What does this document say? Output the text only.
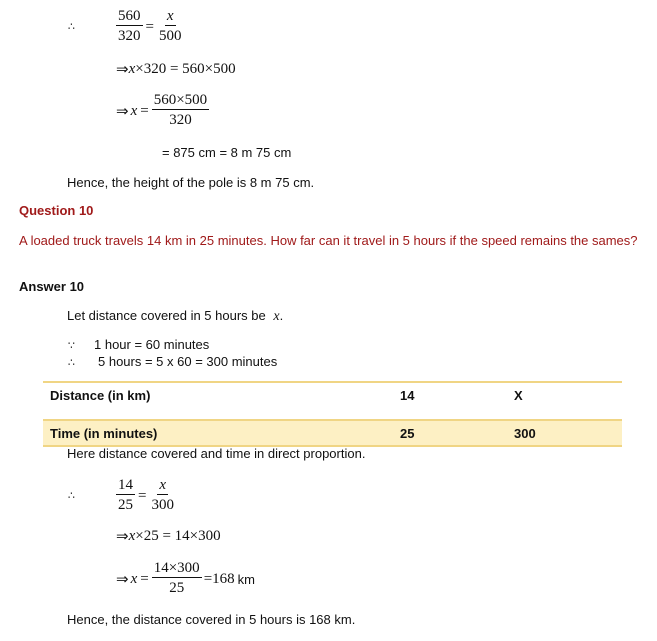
∴	$\frac{560}{320} = \frac{x}{500}$
⇒ x ×320 = 560×500
⇒ $x = \frac{560\times 500}{320}$
= 875 cm = 8 m 75 cm
Hence, the height of the pole is 8 m 75 cm.
Question 10
A loaded truck travels 14 km in 25 minutes. How far can it travel in 5 hours if the speed remains the sames?
Answer 10
Let distance covered in 5 hours be x.
∵ 1 hour = 60 minutes
∴ 5 hours = 5 x 60 = 300 minutes
Distance (in km)	14	X
Time (in minutes)	25	300
Here distance covered and time in direct proportion.
∴	$\frac{14}{25} = \frac{x}{300}$
⇒ x ×25 = 14×300
⇒ $x = \frac{14\times 300}{25} =168$ km
Hence, the distance covered in 5 hours is 168 km.
